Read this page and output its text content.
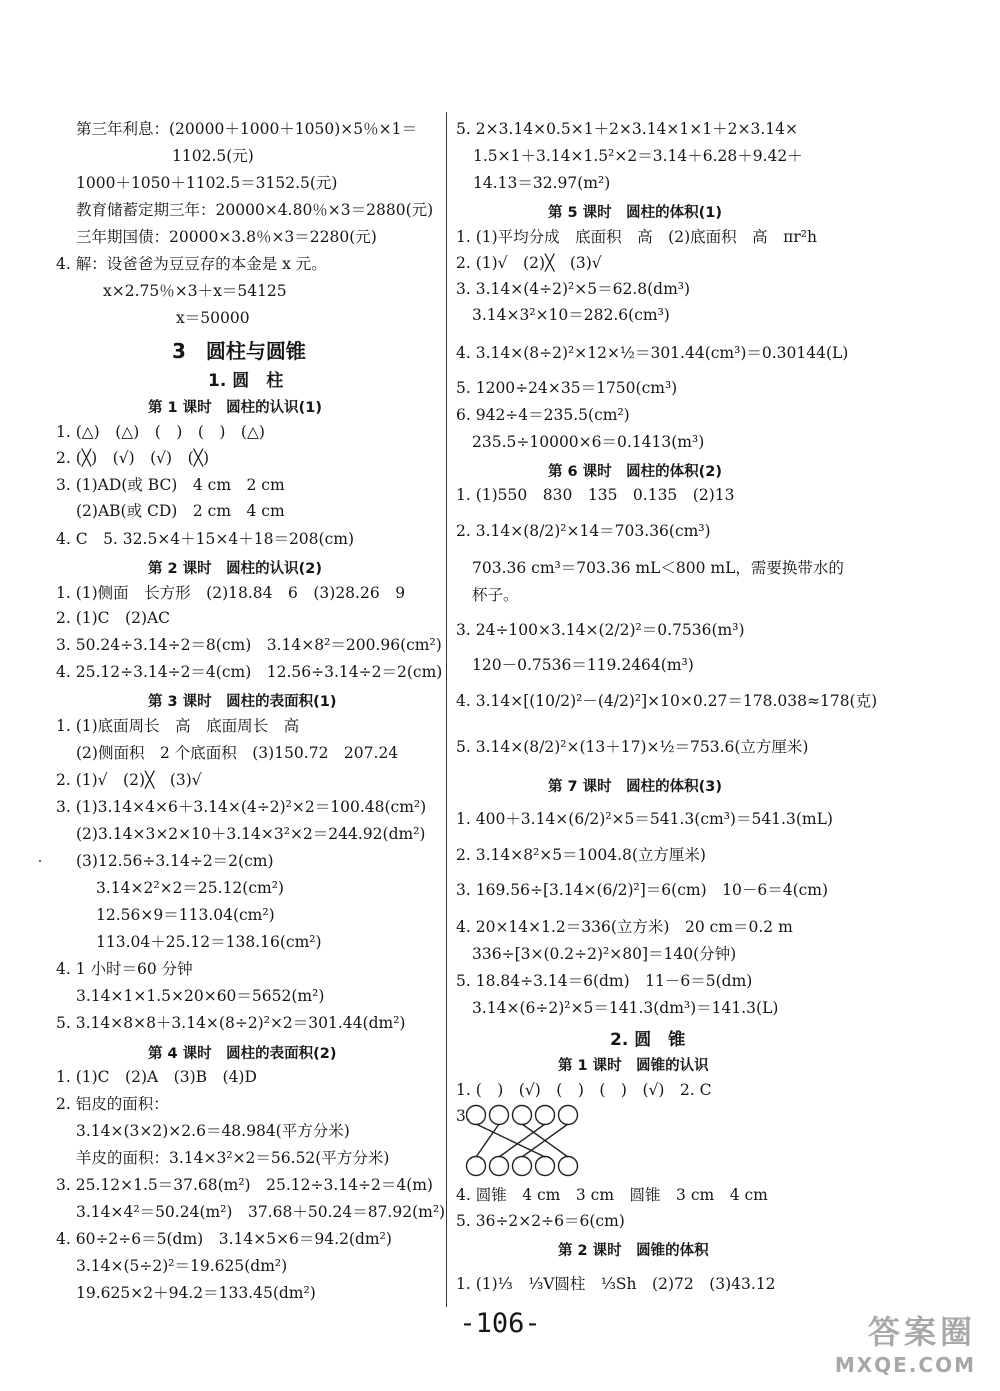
第三年利息：(20000＋1000＋1050)×5％×1＝
1102.5(元)
1000＋1050＋1102.5＝3152.5(元)
教育储蓄定期三年：20000×4.80％×3＝2880(元)
三年期国债：20000×3.8％×3＝2280(元)
4. 解：设爸爸为豆豆存的本金是 x 元。
x×2.75％×3＋x＝54125
x＝50000
3　圆柱与圆锥
1. 圆　柱
第 1 课时　圆柱的认识(1)
1. (△)　(△)　(　)　(　)　(△)
2. (╳)　(√)　(√)　(╳)
3. (1)AD(或 BC)　4 cm　2 cm
(2)AB(或 CD)　2 cm　4 cm
4. C　5. 32.5×4＋15×4＋18＝208(cm)
第 2 课时　圆柱的认识(2)
1. (1)侧面　长方形　(2)18.84　6　(3)28.26　9
2. (1)C　(2)AC
3. 50.24÷3.14÷2＝8(cm)　3.14×8²＝200.96(cm²)
4. 25.12÷3.14÷2＝4(cm)　12.56÷3.14÷2＝2(cm)
第 3 课时　圆柱的表面积(1)
1. (1)底面周长　高　底面周长　高
(2)侧面积　2 个底面积　(3)150.72　207.24
2. (1)√　(2)╳　(3)√
3. (1)3.14×4×6＋3.14×(4÷2)²×2＝100.48(cm²)
(2)3.14×3×2×10＋3.14×3²×2＝244.92(dm²)
(3)12.56÷3.14÷2＝2(cm)
3.14×2²×2＝25.12(cm²)
12.56×9＝113.04(cm²)
113.04＋25.12＝138.16(cm²)
4. 1 小时＝60 分钟
3.14×1×1.5×20×60＝5652(m²)
5. 3.14×8×8＋3.14×(8÷2)²×2＝301.44(dm²)
第 4 课时　圆柱的表面积(2)
1. (1)C　(2)A　(3)B　(4)D
2. 铝皮的面积：
3.14×(3×2)×2.6＝48.984(平方分米)
羊皮的面积：3.14×3²×2＝56.52(平方分米)
3. 25.12×1.5＝37.68(m²)　25.12÷3.14÷2＝4(m)
3.14×4²＝50.24(m²)　37.68＋50.24＝87.92(m²)
4. 60÷2÷6＝5(dm)　3.14×5×6＝94.2(dm²)
3.14×(5÷2)²＝19.625(dm²)
19.625×2＋94.2＝133.45(dm²)
5. 2×3.14×0.5×1＋2×3.14×1×1＋2×3.14×
1.5×1＋3.14×1.5²×2＝3.14＋6.28＋9.42＋
14.13＝32.97(m²)
第 5 课时　圆柱的体积(1)
1. (1)平均分成　底面积　高　(2)底面积　高　πr²h
2. (1)√　(2)╳　(3)√
3. 3.14×(4÷2)²×5＝62.8(dm³)
3.14×3²×10＝282.6(cm³)
4. 3.14×(8÷2)²×12×½＝301.44(cm³)＝0.30144(L)
5. 1200÷24×35＝1750(cm³)
6. 942÷4＝235.5(cm²)
235.5÷10000×6＝0.1413(m³)
第 6 课时　圆柱的体积(2)
1. (1)550　830　135　0.135　(2)13
2. 3.14×(8/2)²×14＝703.36(cm³)
703.36 cm³＝703.36 mL＜800 mL，需要换带水的
杯子。
3. 24÷100×3.14×(2/2)²＝0.7536(m³)
120－0.7536＝119.2464(m³)
4. 3.14×[(10/2)²－(4/2)²]×10×0.27＝178.038≈178(克)
5. 3.14×(8/2)²×(13＋17)×½＝753.6(立方厘米)
第 7 课时　圆柱的体积(3)
1. 400＋3.14×(6/2)²×5＝541.3(cm³)＝541.3(mL)
2. 3.14×8²×5＝1004.8(立方厘米)
3. 169.56÷[3.14×(6/2)²]＝6(cm)　10－6＝4(cm)
4. 20×14×1.2＝336(立方米)　20 cm＝0.2 m
336÷[3×(0.2÷2)²×80]＝140(分钟)
5. 18.84÷3.14＝6(dm)　11－6＝5(dm)
3.14×(6÷2)²×5＝141.3(dm³)＝141.3(L)
2. 圆　锥
第 1 课时　圆锥的认识
1. (　)　(√)　(　)　(　)　(√)　2. C
3.
4. 圆锥　4 cm　3 cm　圆锥　3 cm　4 cm
5. 36÷2×2÷6＝6(cm)
第 2 课时　圆锥的体积
1. (1)⅓　⅓V圆柱　⅓Sh　(2)72　(3)43.12
-106-	答案圈
MXQE.COM
